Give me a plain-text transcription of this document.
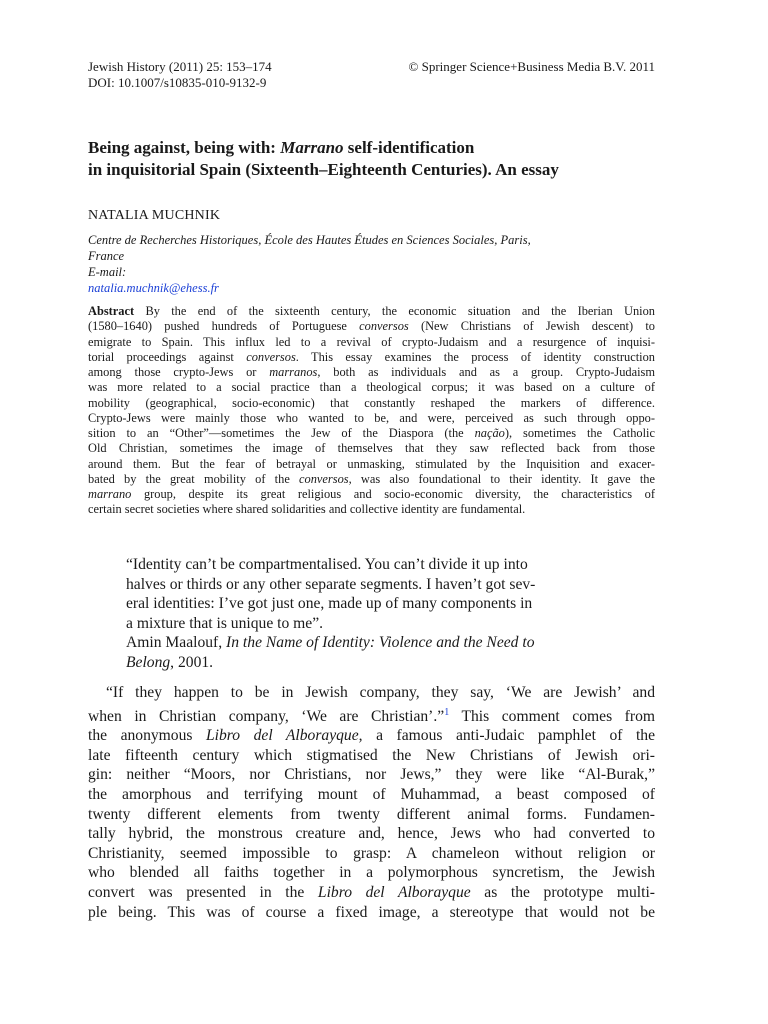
Jewish History (2011) 25: 153–174
DOI: 10.1007/s10835-010-9132-9
© Springer Science+Business Media B.V. 2011
Being against, being with: Marrano self-identification
in inquisitorial Spain (Sixteenth–Eighteenth Centuries). An essay
NATALIA MUCHNIK
Centre de Recherches Historiques, École des Hautes Études en Sciences Sociales, Paris,
France
E-mail:
natalia.muchnik@ehess.fr
Abstract By the end of the sixteenth century, the economic situation and the Iberian Union
(1580–1640) pushed hundreds of Portuguese conversos (New Christians of Jewish descent) to
emigrate to Spain. This influx led to a revival of crypto-Judaism and a resurgence of inquisi-
torial proceedings against conversos. This essay examines the process of identity construction
among those crypto-Jews or marranos, both as individuals and as a group. Crypto-Judaism
was more related to a social practice than a theological corpus; it was based on a culture of
mobility (geographical, socio-economic) that constantly reshaped the markers of difference.
Crypto-Jews were mainly those who wanted to be, and were, perceived as such through oppo-
sition to an “Other”—sometimes the Jew of the Diaspora (the nação), sometimes the Catholic
Old Christian, sometimes the image of themselves that they saw reflected back from those
around them. But the fear of betrayal or unmasking, stimulated by the Inquisition and exacer-
bated by the great mobility of the conversos, was also foundational to their identity. It gave the
marrano group, despite its great religious and socio-economic diversity, the characteristics of
certain secret societies where shared solidarities and collective identity are fundamental.
“Identity can’t be compartmentalised. You can’t divide it up into
halves or thirds or any other separate segments. I haven’t got sev-
eral identities: I’ve got just one, made up of many components in
a mixture that is unique to me”.
Amin Maalouf, In the Name of Identity: Violence and the Need to
Belong, 2001.
“If they happen to be in Jewish company, they say, ‘We are Jewish’ and
when in Christian company, ‘We are Christian’.”$^1$ This comment comes from
the anonymous Libro del Alborayque, a famous anti-Judaic pamphlet of the
late fifteenth century which stigmatised the New Christians of Jewish ori-
gin: neither “Moors, nor Christians, nor Jews,” they were like “Al-Burak,”
the amorphous and terrifying mount of Muhammad, a beast composed of
twenty different elements from twenty different animal forms. Fundamen-
tally hybrid, the monstrous creature and, hence, Jews who had converted to
Christianity, seemed impossible to grasp: A chameleon without religion or
who blended all faiths together in a polymorphous syncretism, the Jewish
convert was presented in the Libro del Alborayque as the prototype multi-
ple being. This was of course a fixed image, a stereotype that would not be
